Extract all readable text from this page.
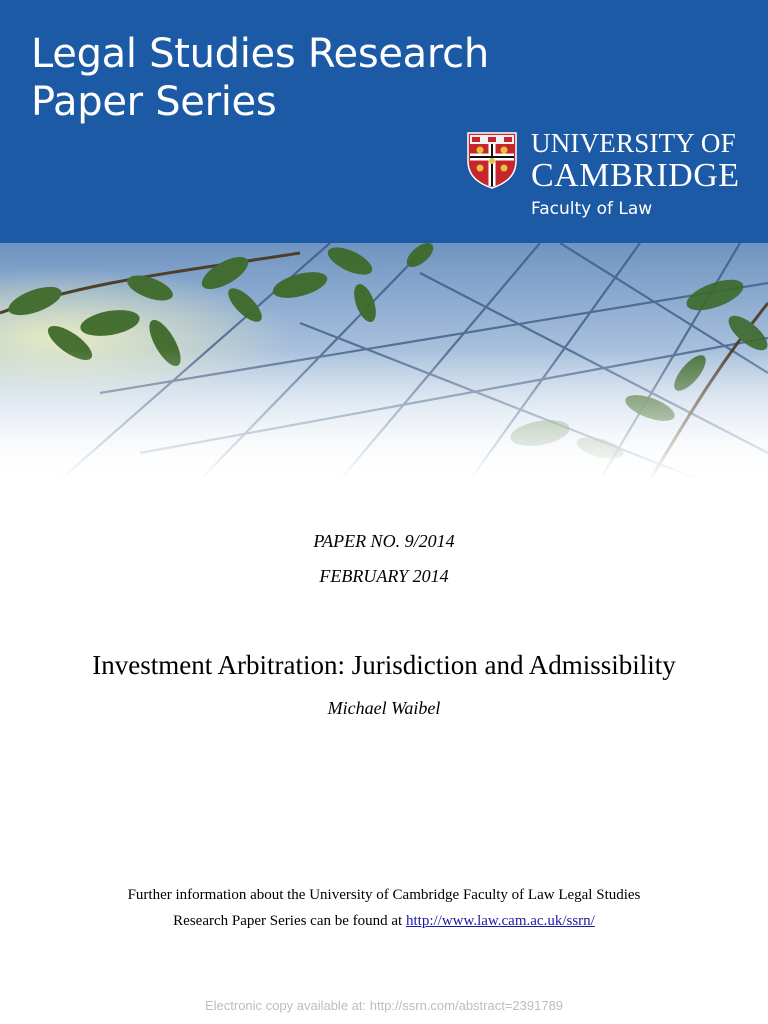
Legal Studies Research
Paper Series
UNIVERSITY OF
CAMBRIDGE
Faculty of Law
PAPER NO. 9/2014
FEBRUARY 2014
Investment Arbitration: Jurisdiction and Admissibility
Michael Waibel

Further information about the University of Cambridge Faculty of Law Legal Studies

Research Paper Series can be found at http://www.law.cam.ac.uk/ssrn/

Electronic copy available at: http://ssrn.com/abstract=2391789
